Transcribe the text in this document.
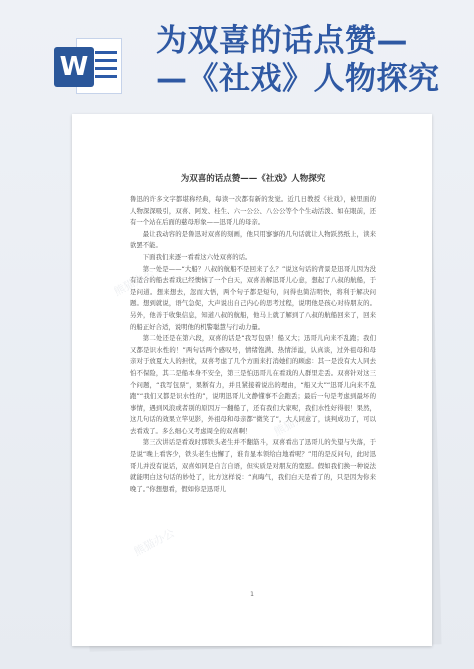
W
为双喜的话点赞—
—《社戏》人物探究
熊猫办公
熊猫办公
熊猫办公
为双喜的话点赞——《社戏》人物探究

鲁迅的许多文字都堪称经典，每读一次都有新的发觉。近几日教授《社戏》，被里面的人物深深吸引，双喜、阿发、桂生、六一公公、八公公等个个生动活泼、如在眼前，还有一个站在后面的慈母形象——迅哥儿的母亲。

最让我动容的是鲁迅对双喜的刻画，他只用寥寥的几句话就让人物跃然纸上，读来欲罢不能。

下面我们来逐一看看这六处双喜的话。

第一处是——“大船？八叔的航船不是回来了么？”说这句话的背景是迅哥儿因为没有适合的船去看戏已经懊恼了一个白天，双喜善解迅哥儿心意，想起了八叔的航船，于是问道。想来想去，忽而大悟，两个句子都是短句，问得也简洁明快，将利于解决问题。想到就说，语气急促，大声说出自己内心的思考过程，说明他是孩心对待朋友的。另外，他善于收集信息，知道八叔的航船，他马上就了解到了八叔的航船回来了，回来的船正好合适，说明他的机警聪慧与行动力量。

第二处还是在第六段，双喜的话是“我写包票！船又大；迅哥儿向来不乱跑；我们又都是识水性的！”两句话两个感叹号，情绪饱满、热情洋溢，认真谈，过外祖母和母亲对于放夏大人的担忧，双喜考虑了几个方面来打消她们的顾虑：其一是没有大人同去怕不保险，其二是船本身不安全，第三是怕迅哥儿在看戏的人群里走丢。双喜针对这三个问题，“我写包票”，果断有力，并且紧接着说出的理由，“船又大”“迅哥儿向来不乱跑”“我们又都是识水性的”，说明迅哥儿文静懂事不会跑丢；最后一句是考虑到最坏的事情，遇到风浪或者别的原因万一翻船了，还有我们大家呢，我们水性好得很！果然，这几句话的效果立竿见影，外祖母和母亲都“微笑了”，大人同意了，谈判成功了，可以去看戏了。多么细心又考虑周全的双喜啊！

第三次讲话是看戏时那铁头老生并不翻筋斗，双喜看出了迅哥儿的失望与失落，于是说“晚上看客少，铁头老生也懈了，谁肯显本领给白地看呢？”用的是反问句，此时迅哥儿并没有说话，双喜如同是自言自语，但实质是对朋友的宽慰。假如我们换一种说法就能明白这句话的妙处了，比方这样说：“真晦气，我们白天是看了的，只是因为你来晚了。”你想想看，假如你是迅哥儿

1
